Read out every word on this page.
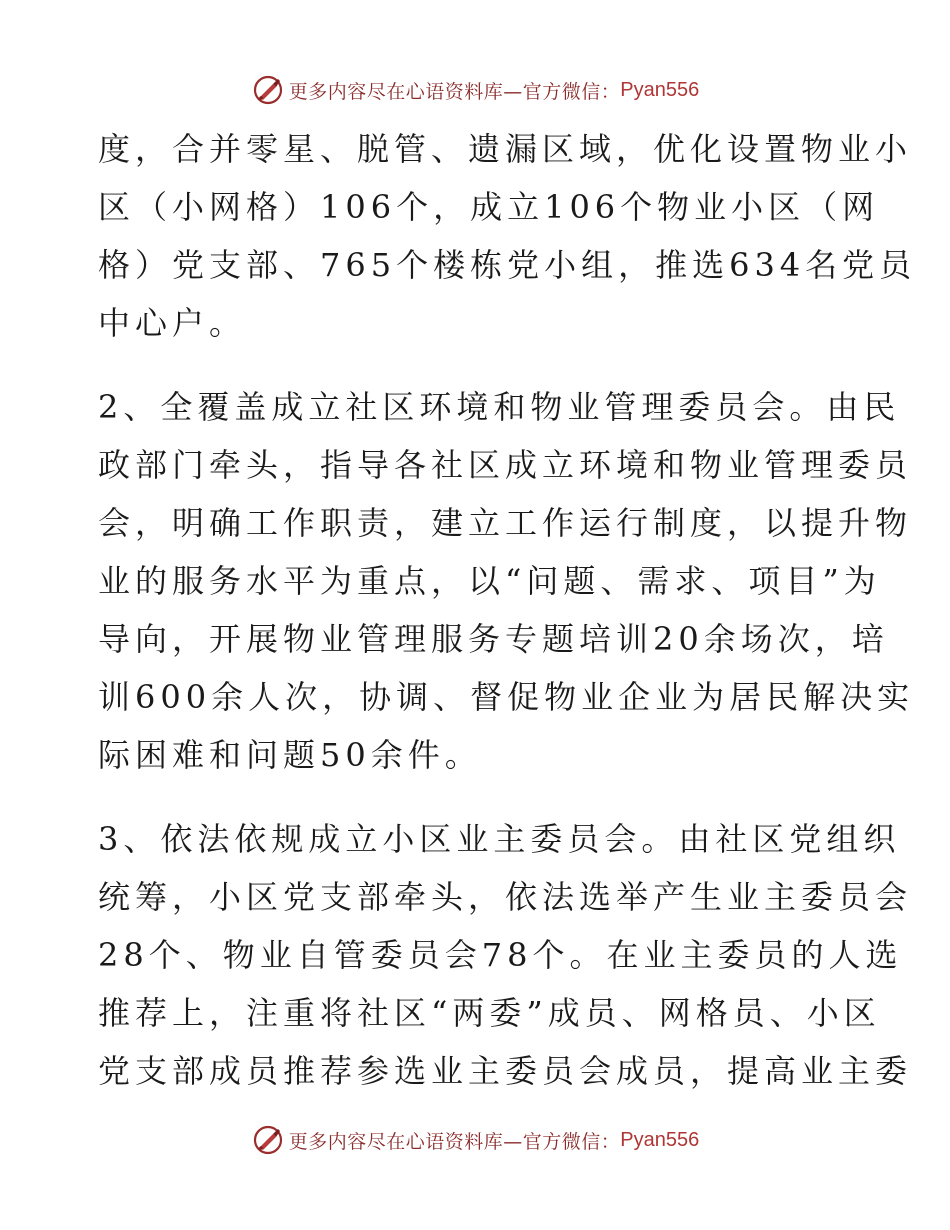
更多内容尽在心语资料库—官方微信： Pyan556
度，合并零星、脱管、遗漏区域，优化设置物业小
区（小网格）106个，成立106个物业小区（网
格）党支部、765个楼栋党小组，推选634名党员
中心户。
2、全覆盖成立社区环境和物业管理委员会。由民
政部门牵头，指导各社区成立环境和物业管理委员
会，明确工作职责，建立工作运行制度，以提升物
业的服务水平为重点，以“问题、需求、项目”为
导向，开展物业管理服务专题培训20余场次，培
训600余人次，协调、督促物业企业为居民解决实
际困难和问题50余件。
3、依法依规成立小区业主委员会。由社区党组织
统筹，小区党支部牵头，依法选举产生业主委员会
28个、物业自管委员会78个。在业主委员的人选
推荐上，注重将社区“两委”成员、网格员、小区
党支部成员推荐参选业主委员会成员，提高业主委
更多内容尽在心语资料库—官方微信： Pyan556
